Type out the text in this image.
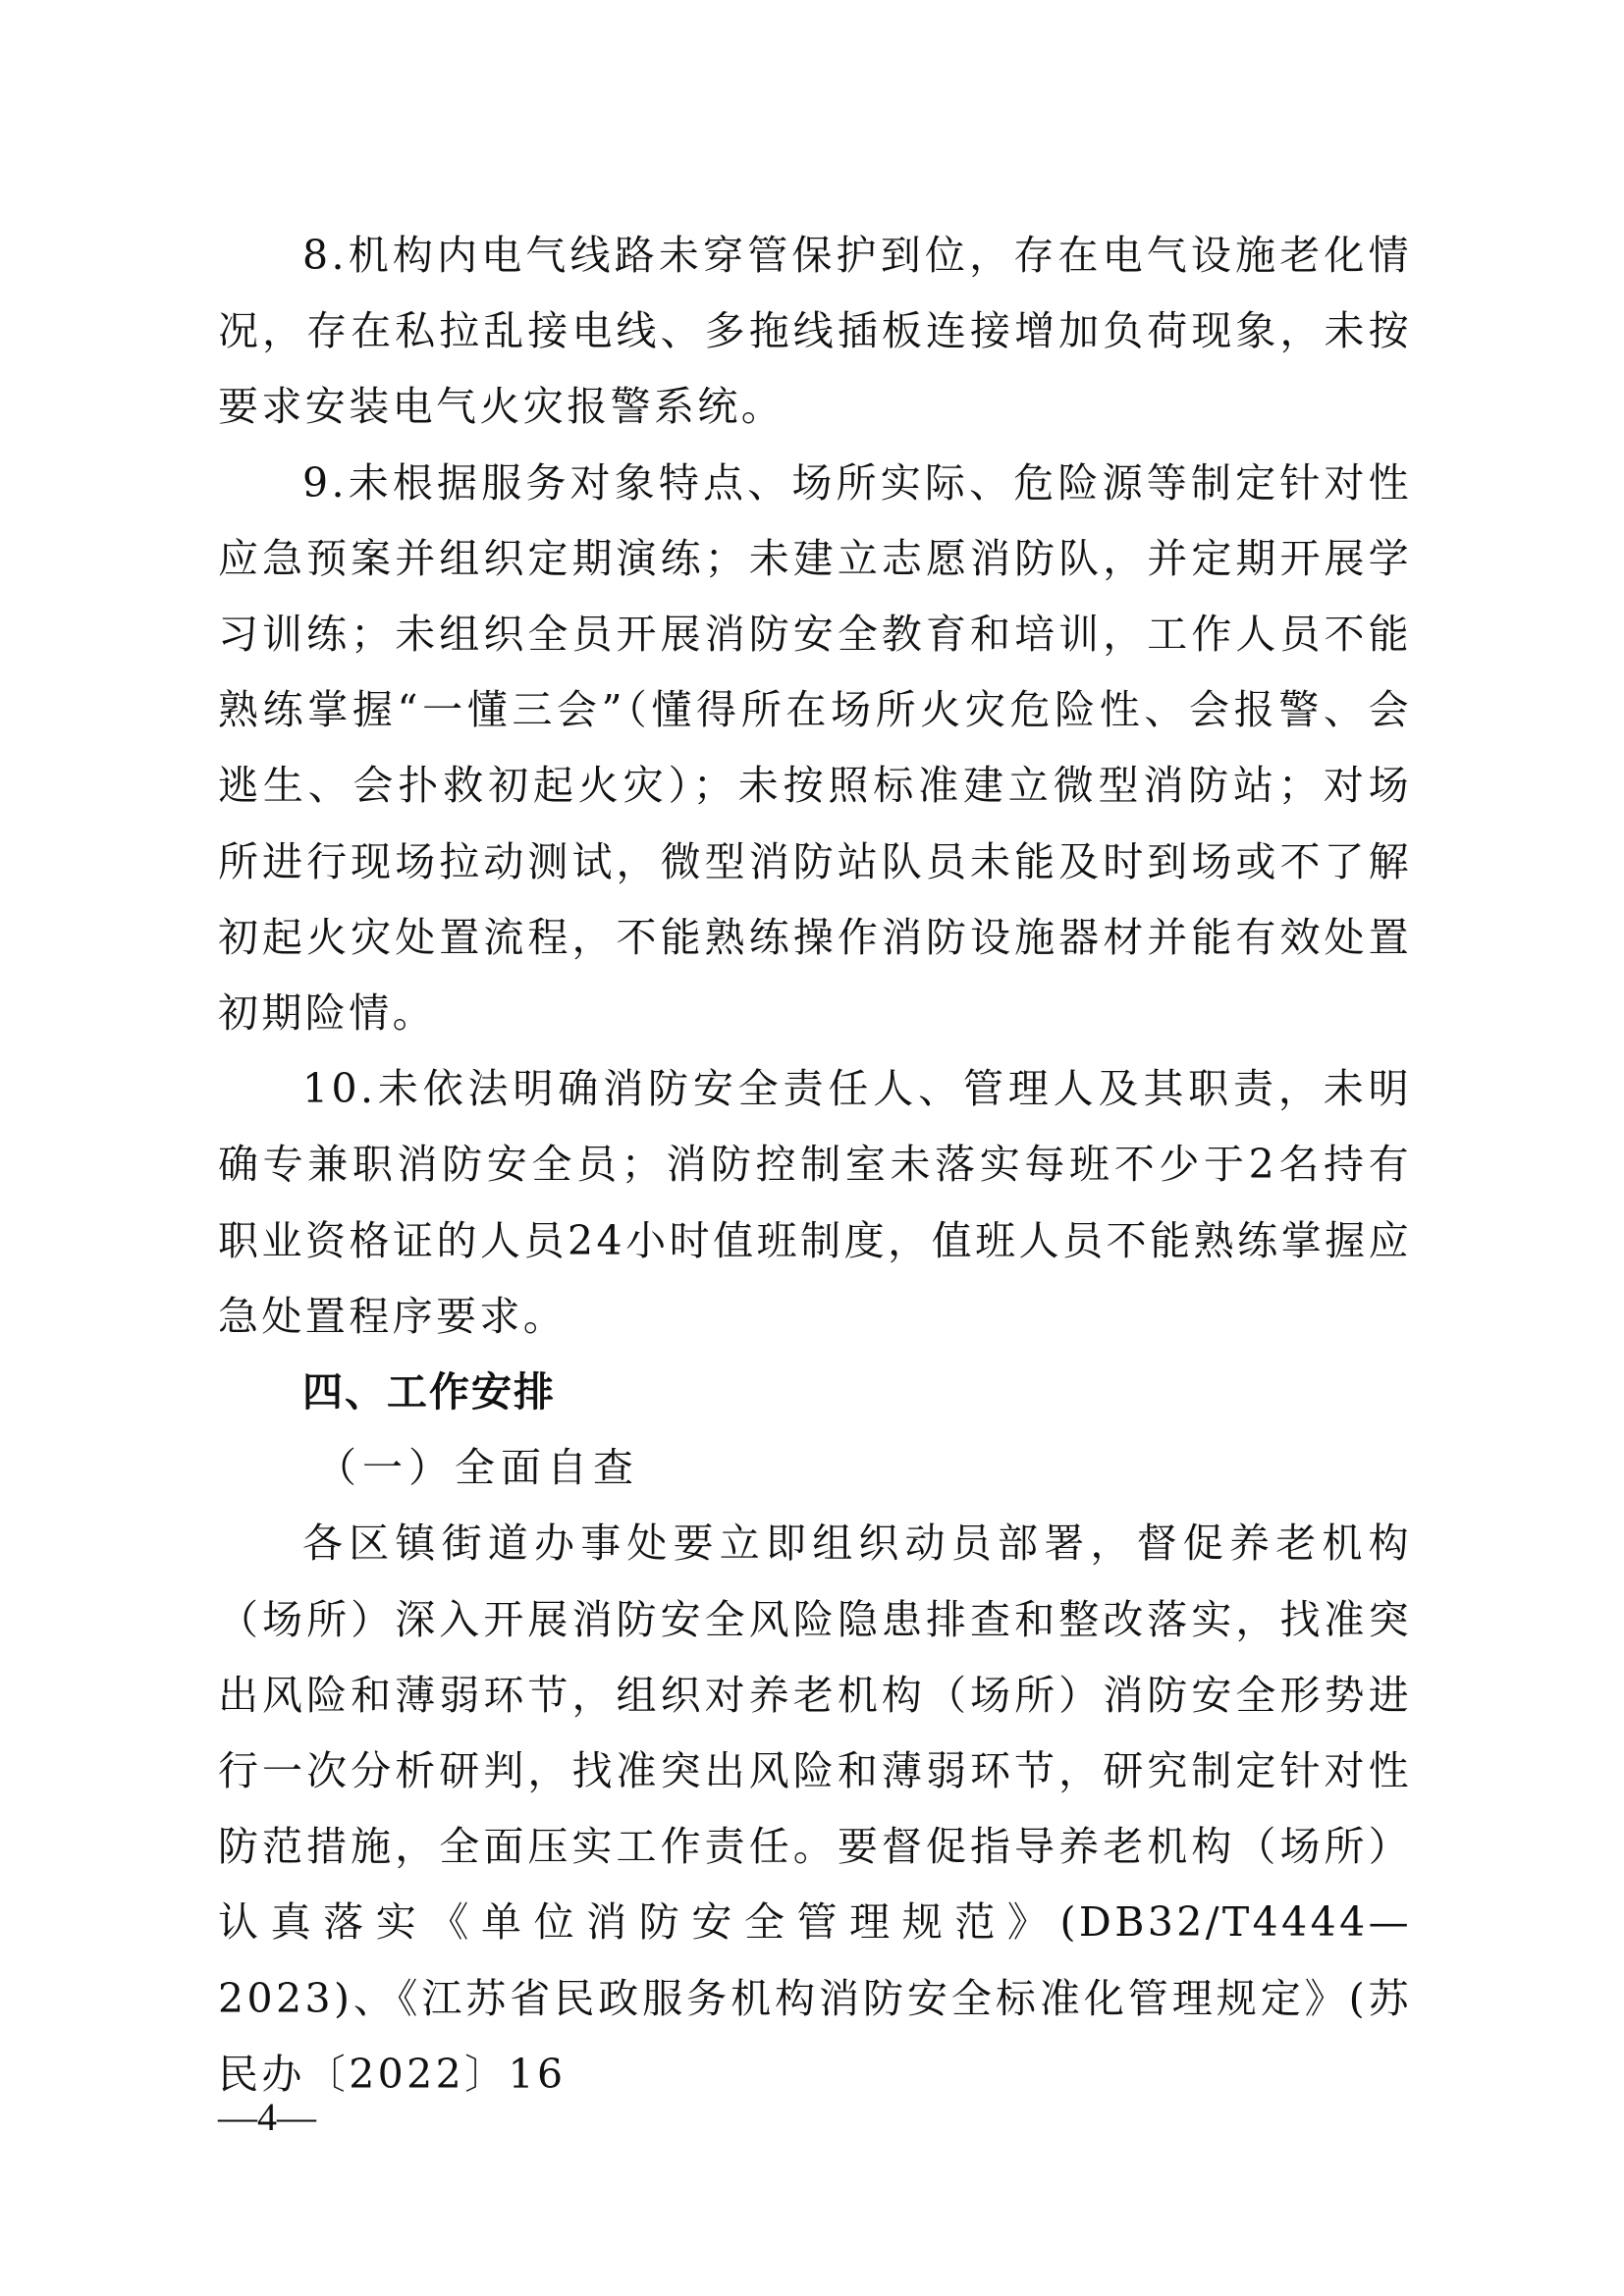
8.机构内电气线路未穿管保护到位，存在电气设施老化情况，存在私拉乱接电线、多拖线插板连接增加负荷现象，未按要求安装电气火灾报警系统。

9.未根据服务对象特点、场所实际、危险源等制定针对性应急预案并组织定期演练；未建立志愿消防队，并定期开展学习训练；未组织全员开展消防安全教育和培训，工作人员不能熟练掌握“一懂三会”（懂得所在场所火灾危险性、会报警、会逃生、会扑救初起火灾）；未按照标准建立微型消防站；对场所进行现场拉动测试，微型消防站队员未能及时到场或不了解初起火灾处置流程，不能熟练操作消防设施器材并能有效处置初期险情。

10.未依法明确消防安全责任人、管理人及其职责，未明确专兼职消防安全员；消防控制室未落实每班不少于2名持有职业资格证的人员24小时值班制度，值班人员不能熟练掌握应急处置程序要求。

四、工作安排

（一）全面自查

各区镇街道办事处要立即组织动员部署，督促养老机构（场所）深入开展消防安全风险隐患排查和整改落实，找准突出风险和薄弱环节，组织对养老机构（场所）消防安全形势进行一次分析研判，找准突出风险和薄弱环节，研究制定针对性防范措施，全面压实工作责任。要督促指导养老机构（场所）认真落实《单位消防安全管理规范》(DB32/T4444—2023)、《江苏省民政服务机构消防安全标准化管理规定》(苏民办〔2022〕16

—4—
